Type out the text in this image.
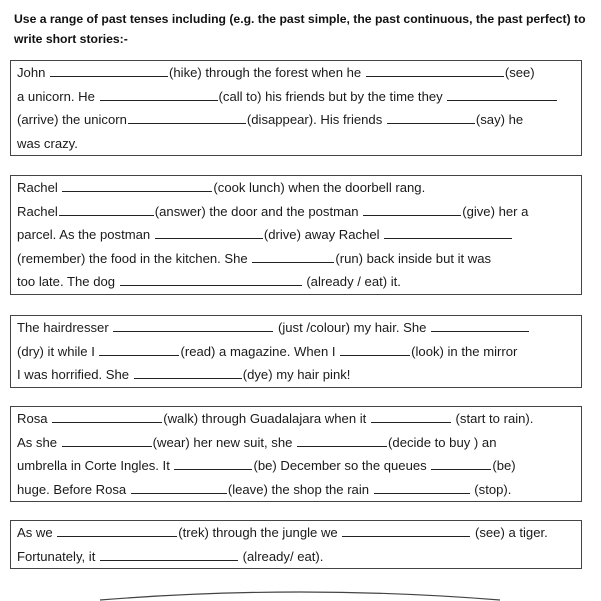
Use a range of past tenses including (e.g. the past simple, the past continuous, the past perfect) to write short stories:-
John	(hike) through the forest when he	(see)
a unicorn. He	(call to) his friends but by the time they
(arrive) the unicorn	(disappear). His friends	(say) he
was crazy.
Rachel	(cook lunch) when the doorbell rang.
Rachel	(answer) the door and the postman	(give) her a
parcel. As the postman	(drive) away Rachel
(remember) the food in the kitchen. She	(run) back inside but it was
too late. The dog	(already / eat) it.
The hairdresser	(just /colour) my hair. She
(dry) it while I	(read) a magazine. When I	(look) in the mirror
I was horrified. She	(dye) my hair pink!
Rosa	(walk) through Guadalajara when it	(start to rain).
As she	(wear) her new suit, she	(decide to buy ) an
umbrella in Corte Ingles. It	(be) December so the queues	(be)
huge. Before Rosa	(leave) the shop the rain	(stop).
As we	(trek) through the jungle we	(see) a tiger.
Fortunately, it	(already/ eat).
